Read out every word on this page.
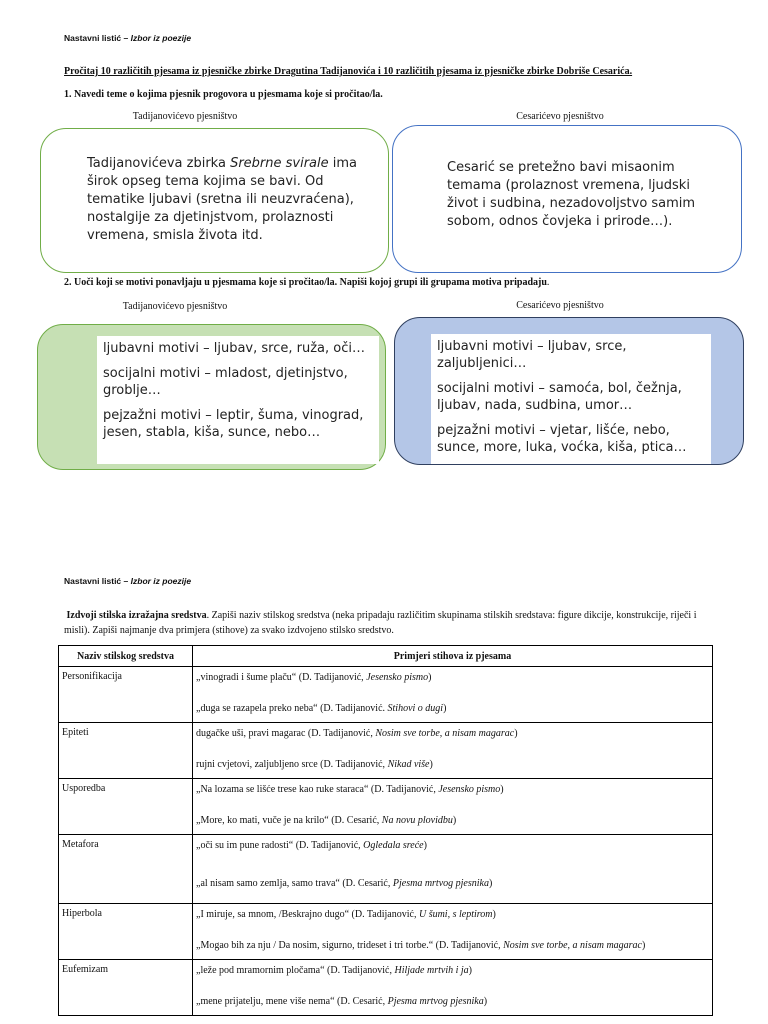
Nastavni listić – Izbor iz poezije
Pročitaj 10 različitih pjesama iz pjesničke zbirke Dragutina Tadijanovića i 10 različitih pjesama iz pjesničke zbirke Dobriše Cesarića.
1. Navedi teme o kojima pjesnik progovora u pjesmama koje si pročitao/la.
Tadijanovićevo pjesništvo	Cesarićevo pjesništvo
Tadijanovićeva zbirka Srebrne svirale ima širok opseg tema kojima se bavi. Od tematike ljubavi (sretna ili neuzvraćena), nostalgije za djetinjstvom, prolaznosti vremena, smisla života itd.
Cesarić se pretežno bavi misaonim temama (prolaznost vremena, ljudski život i sudbina, nezadovoljstvo samim sobom, odnos čovjeka i prirode…).
2. Uoči koji se motivi ponavljaju u pjesmama koje si pročitao/la. Napiši kojoj grupi ili grupama motiva pripadaju.
Tadijanovićevo pjesništvo	Cesarićevo pjesništvo

ljubavni motivi – ljubav, srce, ruža, oči…

socijalni motivi – mladost, djetinjstvo, groblje…

pejzažni motivi – leptir, šuma, vinograd, jesen, stabla, kiša, sunce, nebo…

ljubavni motivi – ljubav, srce, zaljubljenici…

socijalni motivi – samoća, bol, čežnja, ljubav, nada, sudbina, umor…

pejzažni motivi – vjetar, lišće, nebo, sunce, more, luka, voćka, kiša, ptica…

Nastavni listić – Izbor iz poezije
Izdvoji stilska izražajna sredstva. Zapiši naziv stilskog sredstva (neka pripadaju različitim skupinama stilskih sredstava: figure dikcije, konstrukcije, riječi i misli). Zapiši najmanje dva primjera (stihove) za svako izdvojeno stilsko sredstvo.
Naziv stilskog sredstva	Primjeri stihova iz pjesama
Personifikacija	„vinogradi i šume plaču“ (D. Tadijanović, Jesensko pismo)
„duga se razapela preko neba“ (D. Tadijanović. Stihovi o dugi)

Epiteti	dugačke uši, pravi magarac (D. Tadijanović, Nosim sve torbe, a nisam magarac)
rujni cvjetovi, zaljubljeno srce (D. Tadijanović, Nikad više)

Usporedba	„Na lozama se lišće trese kao ruke staraca“ (D. Tadijanović, Jesensko pismo)
„More, ko mati, vuče je na krilo“ (D. Cesarić, Na novu plovidbu)

Metafora	„oči su im pune radosti“ (D. Tadijanović, Ogledala sreće)
„al nisam samo zemlja, samo trava“ (D. Cesarić, Pjesma mrtvog pjesnika)

Hiperbola	„I miruje, sa mnom, /Beskrajno dugo“ (D. Tadijanović, U šumi, s leptirom)
„Mogao bih za nju / Da nosim, sigurno, trideset i tri torbe.“ (D. Tadijanović, Nosim sve torbe, a nisam magarac)

Eufemizam	„leže pod mramornim pločama“ (D. Tadijanović, Hiljade mrtvih i ja)
„mene prijatelju, mene više nema“ (D. Cesarić, Pjesma mrtvog pjesnika)
